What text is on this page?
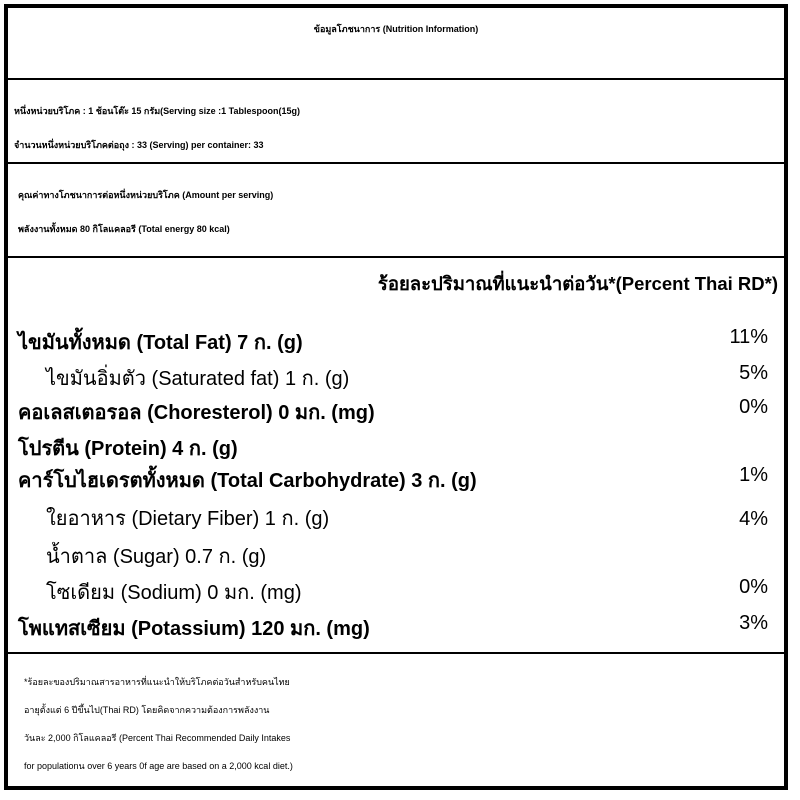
ข้อมูลโภชนาการ (Nutrition Information)
หนึ่งหน่วยบริโภค : 1 ช้อนโต๊ะ 15 กรัม(Serving size :1 Tablespoon(15g)
จำนวนหนึ่งหน่วยบริโภคต่อถุง : 33 (Serving) per container: 33
คุณค่าทางโภชนาการต่อหนึ่งหน่วยบริโภค (Amount per serving)
พลังงานทั้งหมด 80 กิโลแคลอรี (Total energy 80 kcal)
ร้อยละปริมาณที่แนะนำต่อวัน*(Percent Thai RD*)
ไขมันทั้งหมด (Total Fat) 7 ก. (g)	11%
ไขมันอิ่มตัว (Saturated fat) 1 ก. (g)	5%
คอเลสเตอรอล (Choresterol) 0 มก. (mg)	0%
โปรตีน (Protein) 4 ก. (g)
คาร์โบไฮเดรตทั้งหมด (Total Carbohydrate) 3 ก. (g)	1%
ใยอาหาร (Dietary Fiber) 1 ก. (g)	4%
น้ำตาล (Sugar) 0.7 ก. (g)
โซเดียม (Sodium) 0 มก. (mg)	0%
โพแทสเซียม (Potassium) 120 มก. (mg)	3%
*ร้อยละของปริมาณสารอาหารที่แนะนำให้บริโภคต่อวันสำหรับคนไทย
อายุตั้งแต่ 6 ปีขึ้นไป(Thai RD) โดยคิดจากความต้องการพลังงาน
วันละ 2,000 กิโลแคลอรี (Percent Thai Recommended Daily Intakes
for populationน over 6 years 0f age are based on a 2,000 kcal diet.)
